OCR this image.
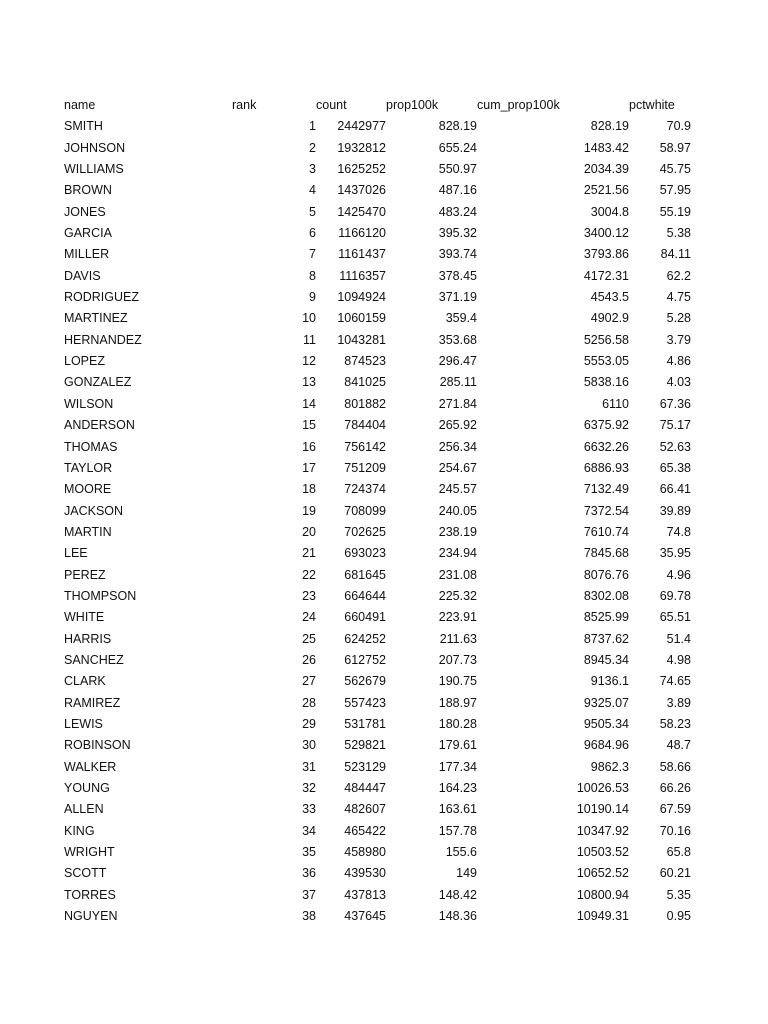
name	rank	count	prop100k	cum_prop100k	pctwhite
SMITH	1	2442977	828.19	828.19	70.9
JOHNSON	2	1932812	655.24	1483.42	58.97
WILLIAMS	3	1625252	550.97	2034.39	45.75
BROWN	4	1437026	487.16	2521.56	57.95
JONES	5	1425470	483.24	3004.8	55.19
GARCIA	6	1166120	395.32	3400.12	5.38
MILLER	7	1161437	393.74	3793.86	84.11
DAVIS	8	1116357	378.45	4172.31	62.2
RODRIGUEZ	9	1094924	371.19	4543.5	4.75
MARTINEZ	10	1060159	359.4	4902.9	5.28
HERNANDEZ	11	1043281	353.68	5256.58	3.79
LOPEZ	12	874523	296.47	5553.05	4.86
GONZALEZ	13	841025	285.11	5838.16	4.03
WILSON	14	801882	271.84	6110	67.36
ANDERSON	15	784404	265.92	6375.92	75.17
THOMAS	16	756142	256.34	6632.26	52.63
TAYLOR	17	751209	254.67	6886.93	65.38
MOORE	18	724374	245.57	7132.49	66.41
JACKSON	19	708099	240.05	7372.54	39.89
MARTIN	20	702625	238.19	7610.74	74.8
LEE	21	693023	234.94	7845.68	35.95
PEREZ	22	681645	231.08	8076.76	4.96
THOMPSON	23	664644	225.32	8302.08	69.78
WHITE	24	660491	223.91	8525.99	65.51
HARRIS	25	624252	211.63	8737.62	51.4
SANCHEZ	26	612752	207.73	8945.34	4.98
CLARK	27	562679	190.75	9136.1	74.65
RAMIREZ	28	557423	188.97	9325.07	3.89
LEWIS	29	531781	180.28	9505.34	58.23
ROBINSON	30	529821	179.61	9684.96	48.7
WALKER	31	523129	177.34	9862.3	58.66
YOUNG	32	484447	164.23	10026.53	66.26
ALLEN	33	482607	163.61	10190.14	67.59
KING	34	465422	157.78	10347.92	70.16
WRIGHT	35	458980	155.6	10503.52	65.8
SCOTT	36	439530	149	10652.52	60.21
TORRES	37	437813	148.42	10800.94	5.35
NGUYEN	38	437645	148.36	10949.31	0.95
